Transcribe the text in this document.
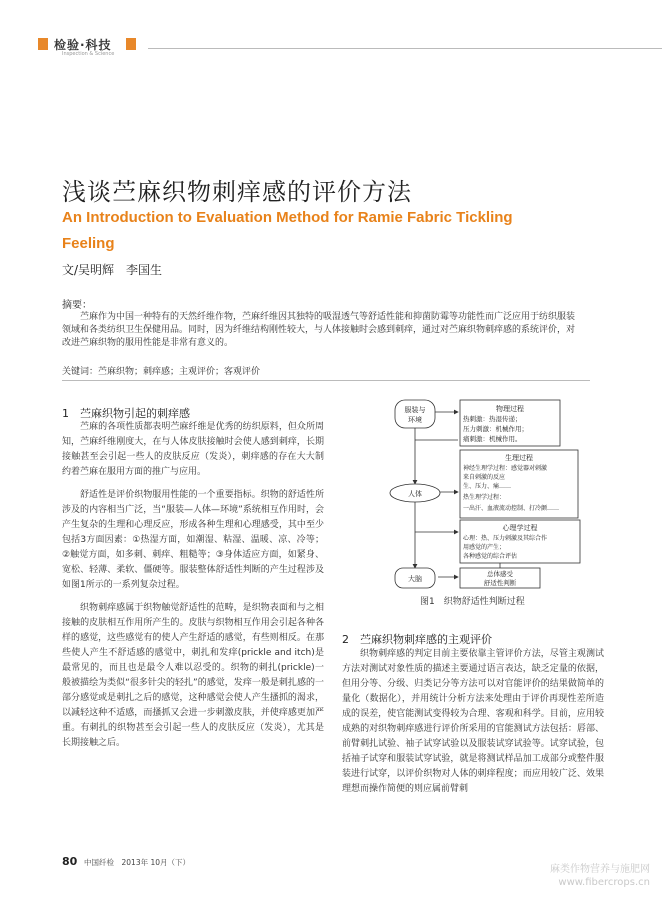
检验·科技
Inspection & Science
浅谈苎麻织物刺痒感的评价方法
An Introduction to Evaluation Method for Ramie Fabric Tickling Feeling
文/吴明辉　李国生
摘要：
苎麻作为中国一种特有的天然纤维作物，苎麻纤维因其独特的吸湿透气等舒适性能和抑菌防霉等功能性而广泛应用于纺织服装领域和各类纺织卫生保健用品。同时，因为纤维结构刚性较大，与人体接触时会感到刺痒，通过对苎麻织物刺痒感的系统评价，对改进苎麻织物的服用性能是非常有意义的。
关键词：苎麻织物；刺痒感；主观评价；客观评价
1　苎麻织物引起的刺痒感

苎麻的各项性质都表明苎麻纤维是优秀的纺织原料，但众所周知，苎麻纤维刚度大，在与人体皮肤接触时会使人感到刺痒，长期接触甚至会引起一些人的皮肤反应（发炎），刺痒感的存在大大制约着苎麻在服用方面的推广与应用。

舒适性是评价织物服用性能的一个重要指标。织物的舒适性所涉及的内容相当广泛，当“服装—人体—环境”系统相互作用时，会产生复杂的生理和心理反应，形成各种生理和心理感受，其中至少包括3方面因素：①热湿方面，如潮湿、粘湿、温暖、凉、冷等；②触觉方面，如多刺、刺痒、粗糙等；③身体适应方面，如紧身、宽松、轻薄、柔软、僵硬等。服装整体舒适性判断的产生过程涉及如图1所示的一系列复杂过程。

织物刺痒感属于织物触觉舒适性的范畴，是织物表面和与之相接触的皮肤相互作用所产生的。皮肤与织物相互作用会引起各种各样的感觉，这些感觉有的使人产生舒适的感觉，有些则相反。在那些使人产生不舒适感的感觉中，刺扎和发痒(prickle and itch)是最常见的，而且也是最令人难以忍受的。织物的刺扎(prickle)一般被描绘为类似“很多针尖的轻扎”的感觉，发痒一般是刺扎感的一部分感觉或是刺扎之后的感觉，这种感觉会使人产生搔抓的渴求，以减轻这种不适感，而搔抓又会进一步刺激皮肤，并使痒感更加严重。有刺扎的织物甚至会引起一些人的皮肤反应（发炎），尤其是长期接触之后。

服装与
环境
物理过程
热刺激：热湿传递；
压力刺激：机械作用；
痛刺激：机械作用。
生理过程
神经生理学过程：感觉器对刺激
来自刺激的反应
生、压力、痛……
热生理学过程：
一出汗、血液流动控制、打冷颤……
人体
心理学过程
心理：热、压力刺激及其综合作
用感觉的产生；
各种感觉的综合评估
大脑
总体感受
舒适性判断
图1　织物舒适性判断过程
2　苎麻织物刺痒感的主观评价

织物刺痒感的判定目前主要依靠主管评价方法，尽管主观测试方法对测试对象性质的描述主要通过语言表达，缺乏定量的依据，但用分等、分级、归类记分等方法可以对官能评价的结果做简单的量化（数据化），并用统计分析方法来处理由于评价再现性差所造成的误差，使官能测试变得较为合理、客观和科学。目前，应用较成熟的对织物刺痒感进行评价所采用的官能测试方法包括：唇部、前臂刺扎试验、袖子试穿试验以及服装试穿试验等。试穿试验，包括袖子试穿和服装试穿试验，就是将测试样品加工成部分或整件服装进行试穿，以评价织物对人体的刺痒程度；而应用较广泛、效果理想而操作简便的则应属前臂刺

80 中国纤检　2013年 10月（下）
麻类作物营养与施肥网
www.fibercrops.cn
